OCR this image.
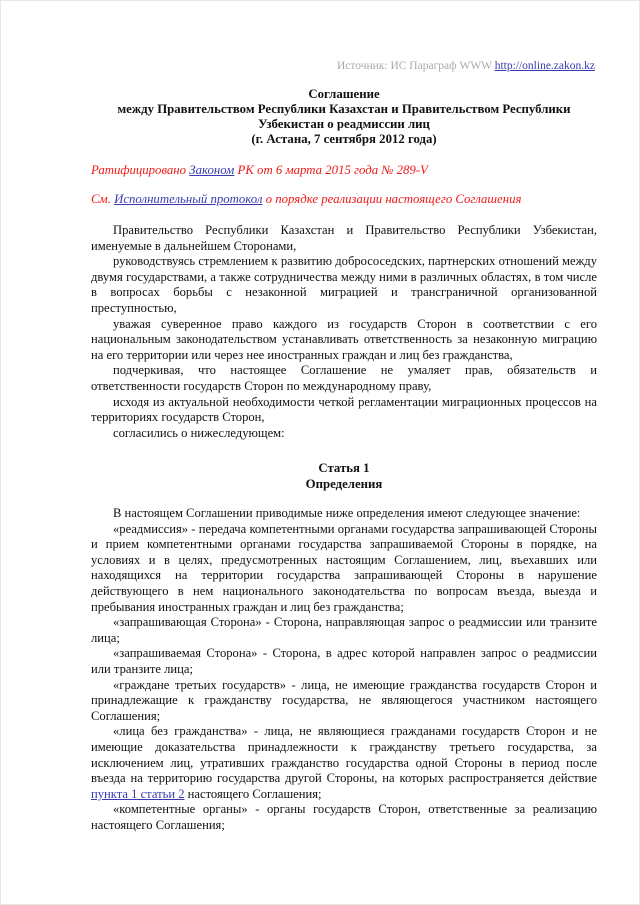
Источник: ИС Параграф WWW http://online.zakon.kz
Соглашение
между Правительством Республики Казахстан и Правительством Республики
Узбекистан о реадмиссии лиц
(г. Астана, 7 сентября 2012 года)
Ратифицировано Законом РК от 6 марта 2015 года № 289-V
См. Исполнительный протокол о порядке реализации настоящего Соглашения

Правительство Республики Казахстан и Правительство Республики Узбекистан, именуемые в дальнейшем Сторонами,

руководствуясь стремлением к развитию добрососедских, партнерских отношений между двумя государствами, а также сотрудничества между ними в различных областях, в том числе в вопросах борьбы с незаконной миграцией и трансграничной организованной преступностью,

уважая суверенное право каждого из государств Сторон в соответствии с его национальным законодательством устанавливать ответственность за незаконную миграцию на его территории или через нее иностранных граждан и лиц без гражданства,

подчеркивая, что настоящее Соглашение не умаляет прав, обязательств и ответственности государств Сторон по международному праву,

исходя из актуальной необходимости четкой регламентации миграционных процессов на территориях государств Сторон,

согласились о нижеследующем:

Статья 1
Определения

В настоящем Соглашении приводимые ниже определения имеют следующее значение:

«реадмиссия» - передача компетентными органами государства запрашивающей Стороны и прием компетентными органами государства запрашиваемой Стороны в порядке, на условиях и в целях, предусмотренных настоящим Соглашением, лиц, въехавших или находящихся на территории государства запрашивающей Стороны в нарушение действующего в нем национального законодательства по вопросам въезда, выезда и пребывания иностранных граждан и лиц без гражданства;

«запрашивающая Сторона» - Сторона, направляющая запрос о реадмиссии или транзите лица;

«запрашиваемая Сторона» - Сторона, в адрес которой направлен запрос о реадмиссии или транзите лица;

«граждане третьих государств» - лица, не имеющие гражданства государств Сторон и принадлежащие к гражданству государства, не являющегося участником настоящего Соглашения;

«лица без гражданства» - лица, не являющиеся гражданами государств Сторон и не имеющие доказательства принадлежности к гражданству третьего государства, за исключением лиц, утративших гражданство государства одной Стороны в период после въезда на территорию государства другой Стороны, на которых распространяется действие пункта 1 статьи 2 настоящего Соглашения;

«компетентные органы» - органы государств Сторон, ответственные за реализацию настоящего Соглашения;
